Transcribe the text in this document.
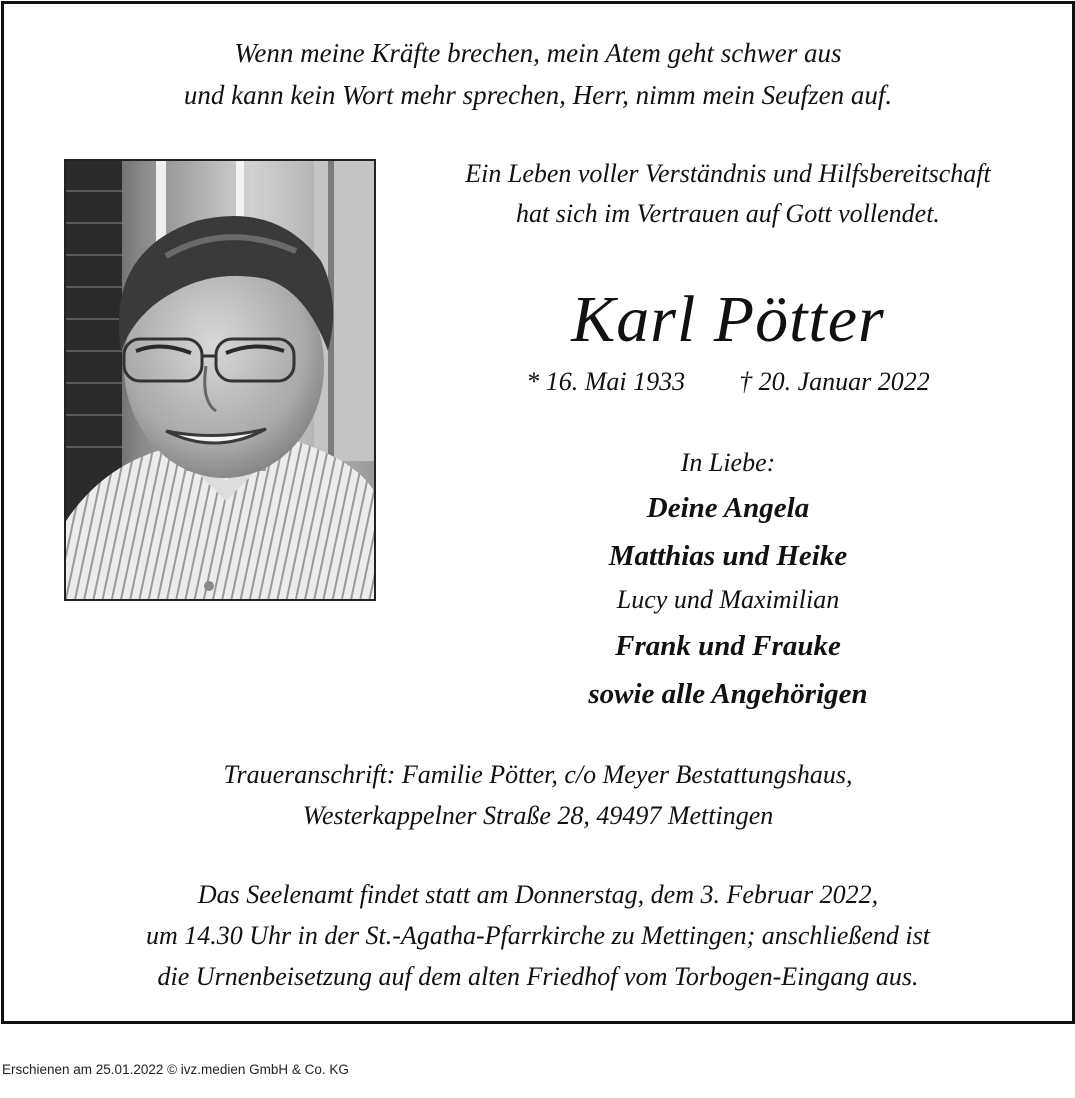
Wenn meine Kräfte brechen, mein Atem geht schwer aus
und kann kein Wort mehr sprechen, Herr, nimm mein Seufzen auf.
Ein Leben voller Verständnis und Hilfsbereitschaft
hat sich im Vertrauen auf Gott vollendet.
Karl Pötter
* 16. Mai 1933 † 20. Januar 2022
In Liebe:
Deine Angela
Matthias und Heike
Lucy und Maximilian
Frank und Frauke
sowie alle Angehörigen
Traueranschrift: Familie Pötter, c/o Meyer Bestattungshaus,
Westerkappelner Straße 28, 49497 Mettingen
Das Seelenamt findet statt am Donnerstag, dem 3. Februar 2022,
um 14.30 Uhr in der St.-Agatha-Pfarrkirche zu Mettingen; anschließend ist
die Urnenbeisetzung auf dem alten Friedhof vom Torbogen-Eingang aus.
Erschienen am 25.01.2022 © ivz.medien GmbH & Co. KG
